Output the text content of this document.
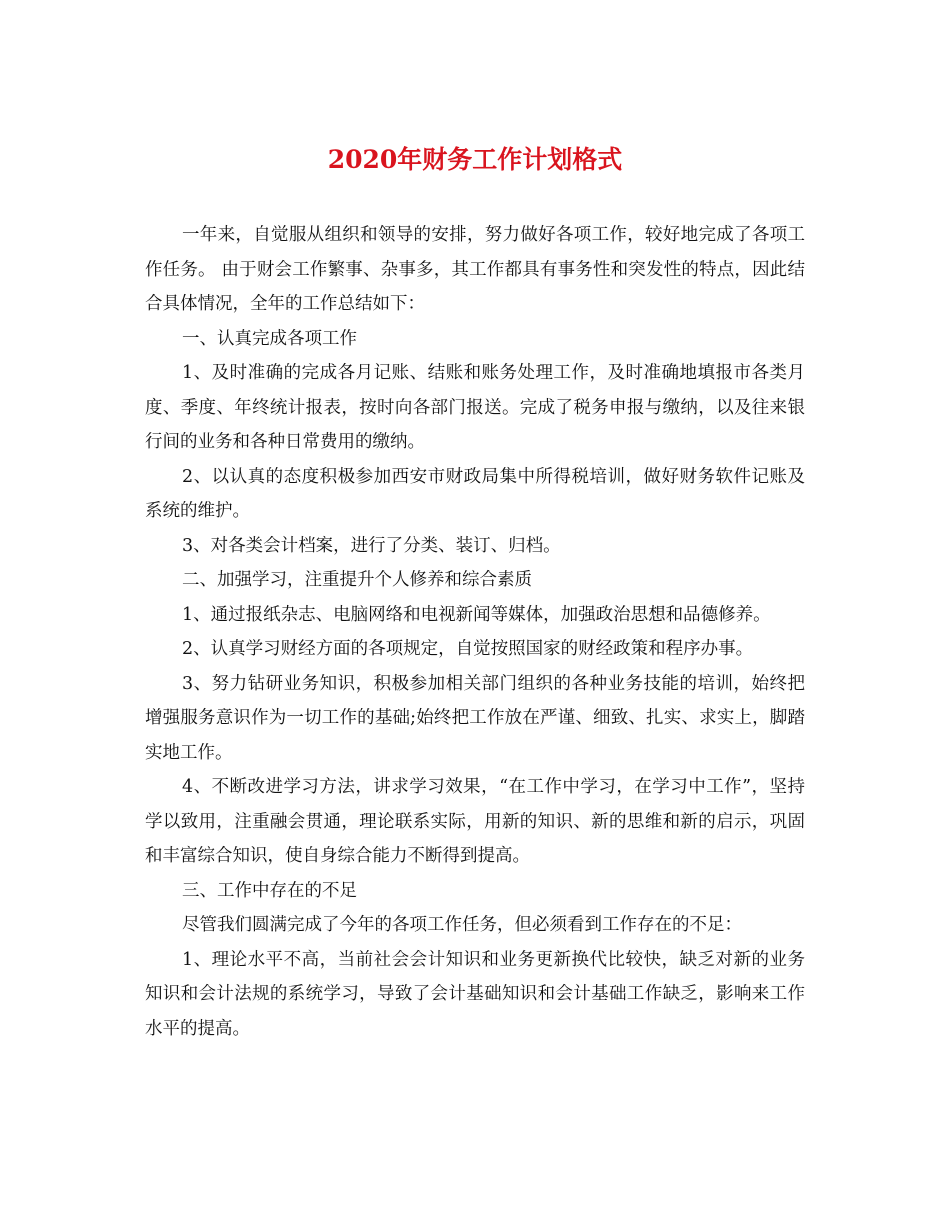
2020年财务工作计划格式

一年来，自觉服从组织和领导的安排，努力做好各项工作，较好地完成了各项工作任务。 由于财会工作繁事、杂事多，其工作都具有事务性和突发性的特点，因此结合具体情况，全年的工作总结如下：

一、认真完成各项工作

1、及时准确的完成各月记账、结账和账务处理工作，及时准确地填报市各类月度、季度、年终统计报表，按时向各部门报送。完成了税务申报与缴纳，以及往来银行间的业务和各种日常费用的缴纳。

2、以认真的态度积极参加西安市财政局集中所得税培训，做好财务软件记账及系统的维护。

3、对各类会计档案，进行了分类、装订、归档。

二、加强学习，注重提升个人修养和综合素质

1、通过报纸杂志、电脑网络和电视新闻等媒体，加强政治思想和品德修养。

2、认真学习财经方面的各项规定，自觉按照国家的财经政策和程序办事。

3、努力钻研业务知识，积极参加相关部门组织的各种业务技能的培训，始终把增强服务意识作为一切工作的基础;始终把工作放在严谨、细致、扎实、求实上，脚踏实地工作。

4、不断改进学习方法，讲求学习效果，“在工作中学习，在学习中工作”，坚持学以致用，注重融会贯通，理论联系实际，用新的知识、新的思维和新的启示，巩固和丰富综合知识，使自身综合能力不断得到提高。

三、工作中存在的不足

尽管我们圆满完成了今年的各项工作任务，但必须看到工作存在的不足：

1、理论水平不高，当前社会会计知识和业务更新换代比较快，缺乏对新的业务知识和会计法规的系统学习，导致了会计基础知识和会计基础工作缺乏，影响来工作水平的提高。
